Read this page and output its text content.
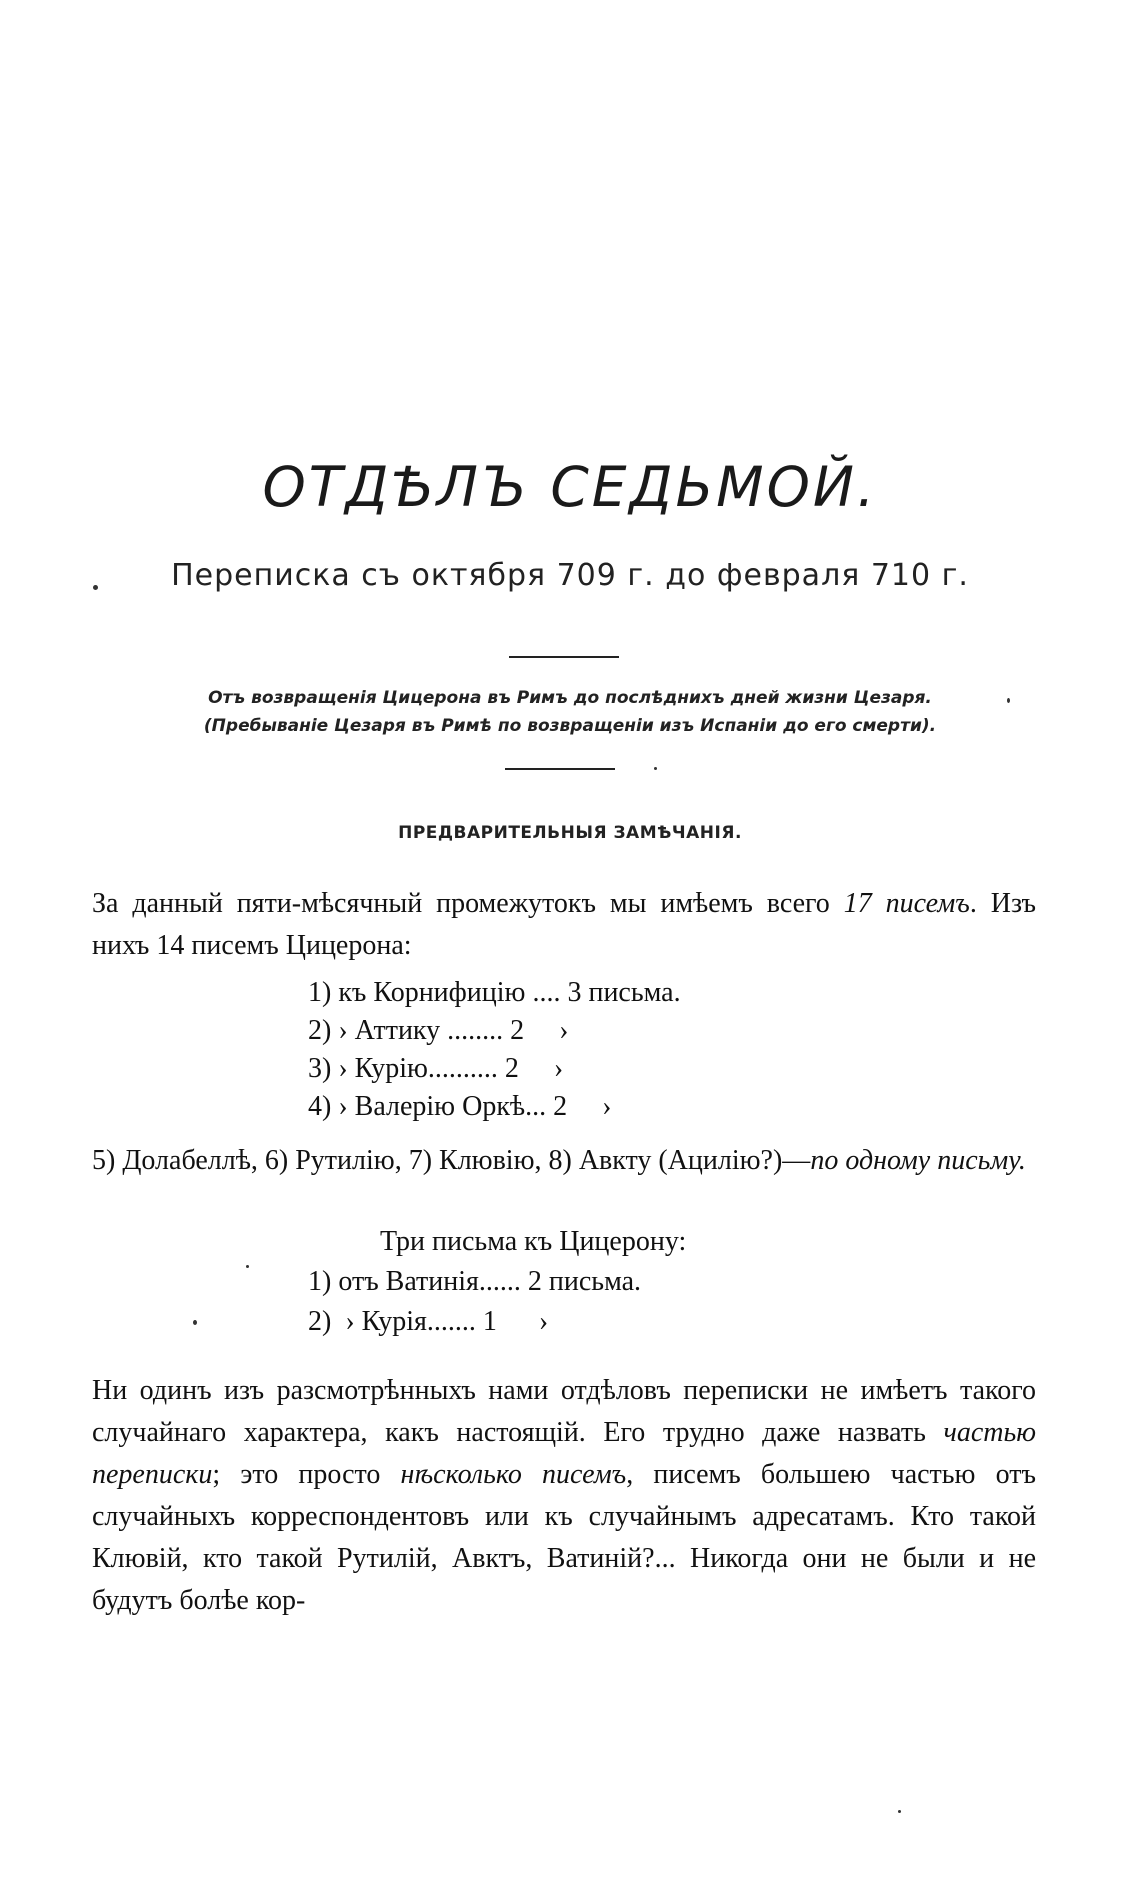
ОТДѢЛЪ СЕДЬМОЙ.
Переписка съ октября 709 г. до февраля 710 г.
Отъ возвращенія Цицерона въ Римъ до послѣднихъ дней жизни Цезаря.
(Пребываніе Цезаря въ Римѣ по возвращеніи изъ Испаніи до его смерти).
ПРЕДВАРИТЕЛЬНЫЯ ЗАМѢЧАНІЯ.
За данный пяти-мѣсячный промежутокъ мы имѣемъ всего 17 писемъ. Изъ нихъ 14 писемъ Цицерона:
1) къ Корнифицію .... 3 письма.
2) › Аттику ........ 2     ›
3) › Курію.......... 2     ›
4) › Валерію Оркѣ... 2     ›
5) Долабеллѣ, 6) Рутилію, 7) Клювію, 8) Авкту (Ацилію?)—по одному письму.
Три письма къ Цицерону:
1) отъ Ватинія...... 2 письма.
2)  › Курія....... 1      ›
Ни одинъ изъ разсмотрѣнныхъ нами отдѣловъ переписки не имѣетъ такого случайнаго характера, какъ настоящій. Его трудно даже назвать частью переписки; это просто нѣсколько писемъ, писемъ большею частью отъ случайныхъ корреспондентовъ или къ случайнымъ адресатамъ. Кто такой Клювій, кто такой Рутилій, Авктъ, Ватиній?... Никогда они не были и не будутъ болѣе кор-
